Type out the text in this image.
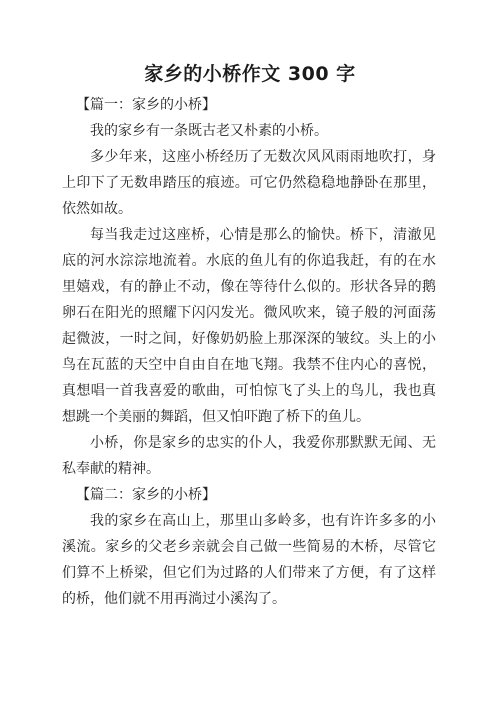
家乡的小桥作文 300 字

【篇一：家乡的小桥】

我的家乡有一条既古老又朴素的小桥。

多少年来，这座小桥经历了无数次风风雨雨地吹打，身上印下了无数串踏压的痕迹。可它仍然稳稳地静卧在那里，依然如故。

每当我走过这座桥，心情是那么的愉快。桥下，清澈见底的河水淙淙地流着。水底的鱼儿有的你追我赶，有的在水里嬉戏，有的静止不动，像在等待什么似的。形状各异的鹅卵石在阳光的照耀下闪闪发光。微风吹来，镜子般的河面荡起微波，一时之间，好像奶奶脸上那深深的皱纹。头上的小鸟在瓦蓝的天空中自由自在地飞翔。我禁不住内心的喜悦，真想唱一首我喜爱的歌曲，可怕惊飞了头上的鸟儿，我也真想跳一个美丽的舞蹈，但又怕吓跑了桥下的鱼儿。

小桥，你是家乡的忠实的仆人，我爱你那默默无闻、无私奉献的精神。

【篇二：家乡的小桥】

我的家乡在高山上，那里山多岭多，也有许许多多的小溪流。家乡的父老乡亲就会自己做一些简易的木桥，尽管它们算不上桥梁，但它们为过路的人们带来了方便，有了这样的桥，他们就不用再淌过小溪沟了。
